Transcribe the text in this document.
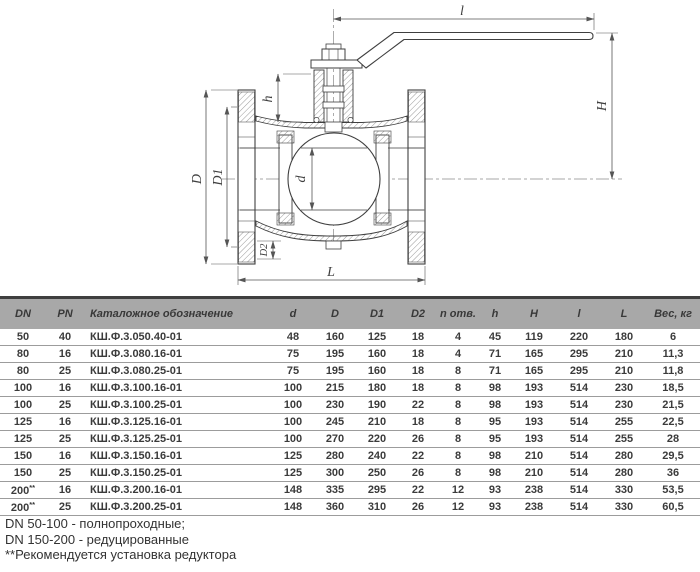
l
H
h
D D1	d
D2
L
DN	PN	Каталожное обозначение	d	D	D1	D2	n отв.	h	H	l	L	Вес, кг
50	40	КШ.Ф.3.050.40-01	48	160	125	18	4	45	119	220	180	6
80	16	КШ.Ф.3.080.16-01	75	195	160	18	4	71	165	295	210	11,3
80	25	КШ.Ф.3.080.25-01	75	195	160	18	8	71	165	295	210	11,8
100	16	КШ.Ф.3.100.16-01	100	215	180	18	8	98	193	514	230	18,5
100	25	КШ.Ф.3.100.25-01	100	230	190	22	8	98	193	514	230	21,5
125	16	КШ.Ф.3.125.16-01	100	245	210	18	8	95	193	514	255	22,5
125	25	КШ.Ф.3.125.25-01	100	270	220	26	8	95	193	514	255	28
150	16	КШ.Ф.3.150.16-01	125	280	240	22	8	98	210	514	280	29,5
150	25	КШ.Ф.3.150.25-01	125	300	250	26	8	98	210	514	280	36
200**	16	КШ.Ф.3.200.16-01	148	335	295	22	12	93	238	514	330	53,5
200**	25	КШ.Ф.3.200.25-01	148	360	310	26	12	93	238	514	330	60,5
DN 50-100 - полнопроходные;
DN 150-200 - редуцированные
**Рекомендуется установка редуктора
